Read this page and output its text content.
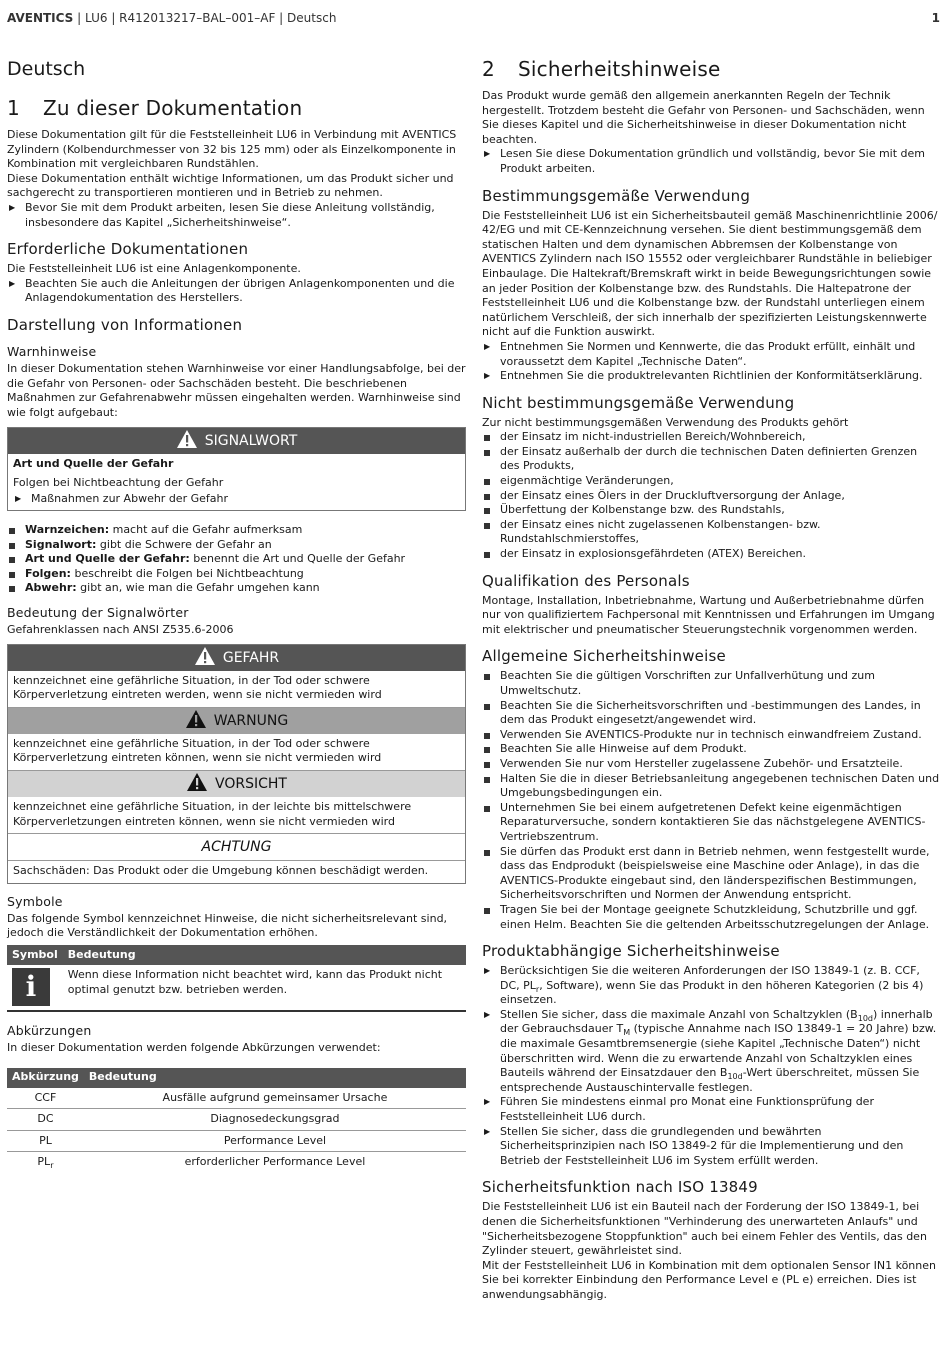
AVENTICS | LU6 | R412013217–BAL–001–AF | Deutsch	1
Deutsch
1 Zu dieser Dokumentation

Diese Dokumentation gilt für die Feststelleinheit LU6 in Verbindung mit AVENTICS Zylindern (Kolbendurchmesser von 32 bis 125 mm) oder als Einzelkomponente in Kombination mit vergleichbaren Rundstählen.

Diese Dokumentation enthält wichtige Informationen, um das Produkt sicher und sachgerecht zu transportieren montieren und in Betrieb zu nehmen.

▶ Bevor Sie mit dem Produkt arbeiten, lesen Sie diese Anleitung vollständig, insbesondere das Kapitel „Sicherheitshinweise“.
Erforderliche Dokumentationen

Die Feststelleinheit LU6 ist eine Anlagenkomponente.

▶ Beachten Sie auch die Anleitungen der übrigen Anlagenkomponenten und die Anlagendokumentation des Herstellers.
Darstellung von Informationen
Warnhinweise

In dieser Dokumentation stehen Warnhinweise vor einer Handlungsabfolge, bei der die Gefahr von Personen- oder Sachschäden besteht. Die beschriebenen Maßnahmen zur Gefahrenabwehr müssen eingehalten werden. Warnhinweise sind wie folgt aufgebaut:

SIGNALWORT
Art und Quelle der Gefahr
Folgen bei Nichtbeachtung der Gefahr
▶ Maßnahmen zur Abwehr der Gefahr
Warnzeichen: macht auf die Gefahr aufmerksam
Signalwort: gibt die Schwere der Gefahr an
Art und Quelle der Gefahr: benennt die Art und Quelle der Gefahr
Folgen: beschreibt die Folgen bei Nichtbeachtung
Abwehr: gibt an, wie man die Gefahr umgehen kann
Bedeutung der Signalwörter

Gefahrenklassen nach ANSI Z535.6-2006

GEFAHR
kennzeichnet eine gefährliche Situation, in der Tod oder schwere Körperverletzung eintreten werden, wenn sie nicht vermieden wird
WARNUNG
kennzeichnet eine gefährliche Situation, in der Tod oder schwere Körperverletzung eintreten können, wenn sie nicht vermieden wird
VORSICHT
kennzeichnet eine gefährliche Situation, in der leichte bis mittelschwere Körperverletzungen eintreten können, wenn sie nicht vermieden wird
ACHTUNG
Sachschäden: Das Produkt oder die Umgebung können beschädigt werden.
Symbole

Das folgende Symbol kennzeichnet Hinweise, die nicht sicherheitsrelevant sind, jedoch die Verständlichkeit der Dokumentation erhöhen.

Symbol	Bedeutung

i	Wenn diese Information nicht beachtet wird, kann das Produkt nicht optimal genutzt bzw. betrieben werden.
Abkürzungen

In dieser Dokumentation werden folgende Abkürzungen verwendet:

Abkürzung	Bedeutung
CCF	Ausfälle aufgrund gemeinsamer Ursache
DC	Diagnosedeckungsgrad
PL	Performance Level
$PL_r$	erforderlicher Performance Level
2 Sicherheitshinweise

Das Produkt wurde gemäß den allgemein anerkannten Regeln der Technik hergestellt. Trotzdem besteht die Gefahr von Personen- und Sachschäden, wenn Sie dieses Kapitel und die Sicherheitshinweise in dieser Dokumentation nicht beachten.

▶ Lesen Sie diese Dokumentation gründlich und vollständig, bevor Sie mit dem Produkt arbeiten.
Bestimmungsgemäße Verwendung

Die Feststelleinheit LU6 ist ein Sicherheitsbauteil gemäß Maschinenrichtlinie 2006/ 42/EG und mit CE-Kennzeichnung versehen. Sie dient bestimmungsgemäß dem statischen Halten und dem dynamischen Abbremsen der Kolbenstange von AVENTICS Zylindern nach ISO 15552 oder vergleichbarer Rundstähle in beliebiger Einbaulage. Die Haltekraft/Bremskraft wirkt in beide Bewegungsrichtungen sowie an jeder Position der Kolbenstange bzw. des Rundstahls. Die Haltepatrone der Feststelleinheit LU6 und die Kolbenstange bzw. der Rundstahl unterliegen einem natürlichem Verschleiß, der sich innerhalb der spezifizierten Leistungskennwerte nicht auf die Funktion auswirkt.

▶ Entnehmen Sie Normen und Kennwerte, die das Produkt erfüllt, einhält und voraussetzt dem Kapitel „Technische Daten“.
▶ Entnehmen Sie die produktrelevanten Richtlinien der Konformitätserklärung.
Nicht bestimmungsgemäße Verwendung

Zur nicht bestimmungsgemäßen Verwendung des Produkts gehört

der Einsatz im nicht-industriellen Bereich/Wohnbereich,
der Einsatz außerhalb der durch die technischen Daten definierten Grenzen des Produkts,
eigenmächtige Veränderungen,
der Einsatz eines Ölers in der Druckluftversorgung der Anlage,
Überfettung der Kolbenstange bzw. des Rundstahls,
der Einsatz eines nicht zugelassenen Kolbenstangen- bzw. Rundstahlschmierstoffes,
der Einsatz in explosionsgefährdeten (ATEX) Bereichen.
Qualifikation des Personals

Montage, Installation, Inbetriebnahme, Wartung und Außerbetriebnahme dürfen nur von qualifiziertem Fachpersonal mit Kenntnissen und Erfahrungen im Umgang mit elektrischer und pneumatischer Steuerungstechnik vorgenommen werden.

Allgemeine Sicherheitshinweise
Beachten Sie die gültigen Vorschriften zur Unfallverhütung und zum Umweltschutz.
Beachten Sie die Sicherheitsvorschriften und -bestimmungen des Landes, in dem das Produkt eingesetzt/angewendet wird.
Verwenden Sie AVENTICS-Produkte nur in technisch einwandfreiem Zustand.
Beachten Sie alle Hinweise auf dem Produkt.
Verwenden Sie nur vom Hersteller zugelassene Zubehör- und Ersatzteile.
Halten Sie die in dieser Betriebsanleitung angegebenen technischen Daten und Umgebungsbedingungen ein.
Unternehmen Sie bei einem aufgetretenen Defekt keine eigenmächtigen Reparaturversuche, sondern kontaktieren Sie das nächstgelegene AVENTICS-Vertriebszentrum.
Sie dürfen das Produkt erst dann in Betrieb nehmen, wenn festgestellt wurde, dass das Endprodukt (beispielsweise eine Maschine oder Anlage), in das die AVENTICS-Produkte eingebaut sind, den länderspezifischen Bestimmungen, Sicherheitsvorschriften und Normen der Anwendung entspricht.
Tragen Sie bei der Montage geeignete Schutzkleidung, Schutzbrille und ggf. einen Helm. Beachten Sie die geltenden Arbeitsschutzregelungen der Anlage.
Produktabhängige Sicherheitshinweise
▶ Berücksichtigen Sie die weiteren Anforderungen der ISO 13849-1 (z. B. CCF, DC, $PL_r$, Software), wenn Sie das Produkt in den höheren Kategorien (2 bis 4) einsetzen.
▶ Stellen Sie sicher, dass die maximale Anzahl von Schaltzyklen $(B_{10d})$ innerhalb der Gebrauchsdauer $T_M$ (typische Annahme nach ISO 13849-1 = 20 Jahre) bzw. die maximale Gesamtbremsenergie (siehe Kapitel „Technische Daten“) nicht überschritten wird. Wenn die zu erwartende Anzahl von Schaltzyklen eines Bauteils während der Einsatzdauer den $B_{10d}$-Wert überschreitet, müssen Sie entsprechende Austauschintervalle festlegen.
▶ Führen Sie mindestens einmal pro Monat eine Funktionsprüfung der Feststelleinheit LU6 durch.
▶ Stellen Sie sicher, dass die grundlegenden und bewährten Sicherheitsprinzipien nach ISO 13849-2 für die Implementierung und den Betrieb der Feststelleinheit LU6 im System erfüllt werden.
Sicherheitsfunktion nach ISO 13849

Die Feststelleinheit LU6 ist ein Bauteil nach der Forderung der ISO 13849-1, bei denen die Sicherheitsfunktionen "Verhinderung des unerwarteten Anlaufs" und "Sicherheitsbezogene Stoppfunktion" auch bei einem Fehler des Ventils, das den Zylinder steuert, gewährleistet sind.

Mit der Feststelleinheit LU6 in Kombination mit dem optionalen Sensor IN1 können Sie bei korrekter Einbindung den Performance Level e (PL e) erreichen. Dies ist anwendungsabhängig.
